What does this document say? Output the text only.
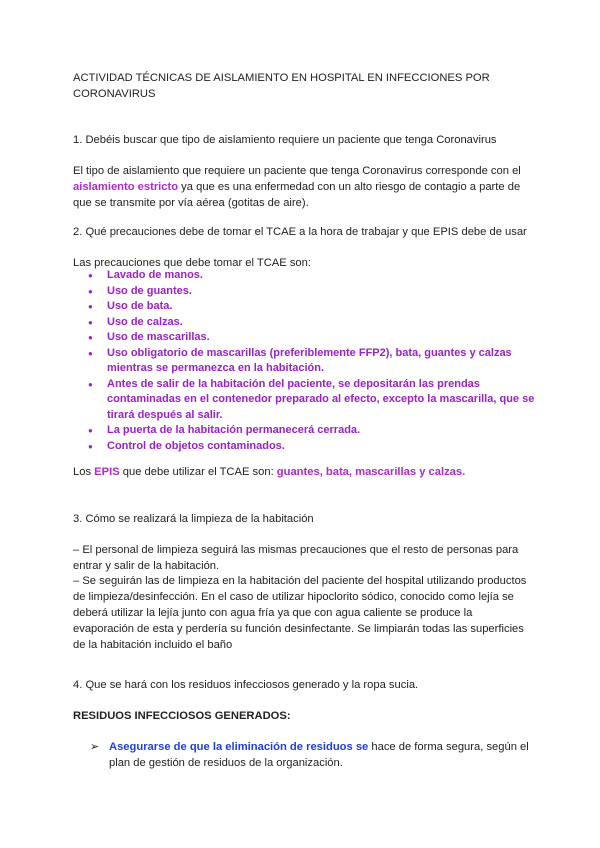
ACTIVIDAD TÉCNICAS DE AISLAMIENTO EN HOSPITAL EN INFECCIONES POR CORONAVIRUS

1. Debéis buscar que tipo de aislamiento requiere un paciente que tenga Coronavirus

El tipo de aislamiento que requiere un paciente que tenga Coronavirus corresponde con el aislamiento estricto ya que es una enfermedad con un alto riesgo de contagio a parte de que se transmite por vía aérea (gotitas de aire).

2. Qué precauciones debe de tomar el TCAE a la hora de trabajar y que EPIS debe de usar

Las precauciones que debe tomar el TCAE son:

● Lavado de manos.
● Uso de guantes.
● Uso de bata.
● Uso de calzas.
● Uso de mascarillas.
● Uso obligatorio de mascarillas (preferiblemente FFP2), bata, guantes y calzas mientras se permanezca en la habitación.
● Antes de salir de la habitación del paciente, se depositarán las prendas contaminadas en el contenedor preparado al efecto, excepto la mascarilla, que se tirará después al salir.
● La puerta de la habitación permanecerá cerrada.
● Control de objetos contaminados.

Los EPIS que debe utilizar el TCAE son: guantes, bata, mascarillas y calzas.

3. Cómo se realizará la limpieza de la habitación

– El personal de limpieza seguirá las mismas precauciones que el resto de personas para entrar y salir de la habitación.

– Se seguirán las de limpieza en la habitación del paciente del hospital utilizando productos de limpieza/desinfección. En el caso de utilizar hipoclorito sódico, conocido como lejía se deberá utilizar la lejía junto con agua fría ya que con agua caliente se produce la evaporación de esta y perdería su función desinfectante. Se limpiarán todas las superficies de la habitación incluido el baño

4. Que se hará con los residuos infecciosos generado y la ropa sucia.

RESIDUOS INFECCIOSOS GENERADOS:

➢ Asegurarse de que la eliminación de residuos se hace de forma segura, según el plan de gestión de residuos de la organización.
